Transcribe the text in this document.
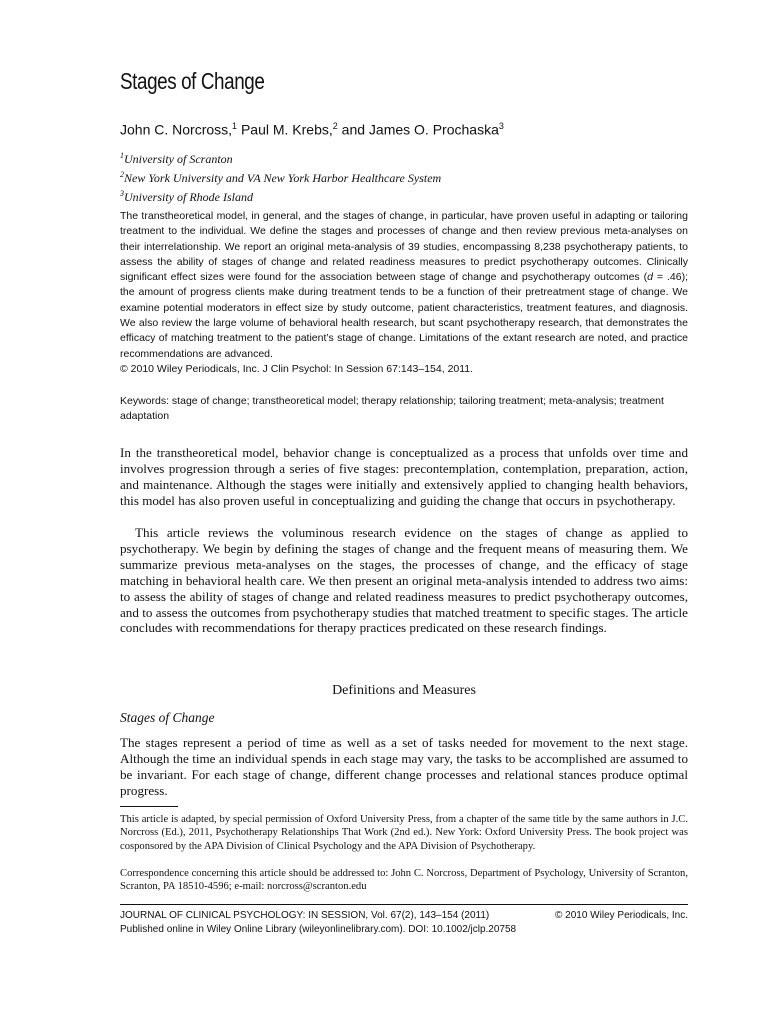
Stages of Change
John C. Norcross,$^1$ Paul M. Krebs,$^2$ and James O. Prochaska$^3$
$^1$University of Scranton
$^2$New York University and VA New York Harbor Healthcare System
$^3$University of Rhode Island
The transtheoretical model, in general, and the stages of change, in particular, have proven useful in adapting or tailoring treatment to the individual. We define the stages and processes of change and then review previous meta-analyses on their interrelationship. We report an original meta-analysis of 39 studies, encompassing 8,238 psychotherapy patients, to assess the ability of stages of change and related readiness measures to predict psychotherapy outcomes. Clinically significant effect sizes were found for the association between stage of change and psychotherapy outcomes (d = .46); the amount of progress clients make during treatment tends to be a function of their pretreatment stage of change. We examine potential moderators in effect size by study outcome, patient characteristics, treatment features, and diagnosis. We also review the large volume of behavioral health research, but scant psychotherapy research, that demonstrates the efficacy of matching treatment to the patient’s stage of change. Limitations of the extant research are noted, and practice recommendations are advanced.
© 2010 Wiley Periodicals, Inc. J Clin Psychol: In Session 67:143–154, 2011.
Keywords: stage of change; transtheoretical model; therapy relationship; tailoring treatment; meta-analysis; treatment adaptation
In the transtheoretical model, behavior change is conceptualized as a process that unfolds over time and involves progression through a series of five stages: precontemplation, contemplation, preparation, action, and maintenance. Although the stages were initially and extensively applied to changing health behaviors, this model has also proven useful in conceptualizing and guiding the change that occurs in psychotherapy.
This article reviews the voluminous research evidence on the stages of change as applied to psychotherapy. We begin by defining the stages of change and the frequent means of measuring them. We summarize previous meta-analyses on the stages, the processes of change, and the efficacy of stage matching in behavioral health care. We then present an original meta-analysis intended to address two aims: to assess the ability of stages of change and related readiness measures to predict psychotherapy outcomes, and to assess the outcomes from psychotherapy studies that matched treatment to specific stages. The article concludes with recommendations for therapy practices predicated on these research findings.
Definitions and Measures
Stages of Change
The stages represent a period of time as well as a set of tasks needed for movement to the next stage. Although the time an individual spends in each stage may vary, the tasks to be accomplished are assumed to be invariant. For each stage of change, different change processes and relational stances produce optimal progress.
This article is adapted, by special permission of Oxford University Press, from a chapter of the same title by the same authors in J.C. Norcross (Ed.), 2011, Psychotherapy Relationships That Work (2nd ed.). New York: Oxford University Press. The book project was cosponsored by the APA Division of Clinical Psychology and the APA Division of Psychotherapy.
Correspondence concerning this article should be addressed to: John C. Norcross, Department of Psychology, University of Scranton, Scranton, PA 18510-4596; e-mail: norcross@scranton.edu
JOURNAL OF CLINICAL PSYCHOLOGY: IN SESSION, Vol. 67(2), 143–154 (2011)	© 2010 Wiley Periodicals, Inc.
Published online in Wiley Online Library (wileyonlinelibrary.com). DOI: 10.1002/jclp.20758
